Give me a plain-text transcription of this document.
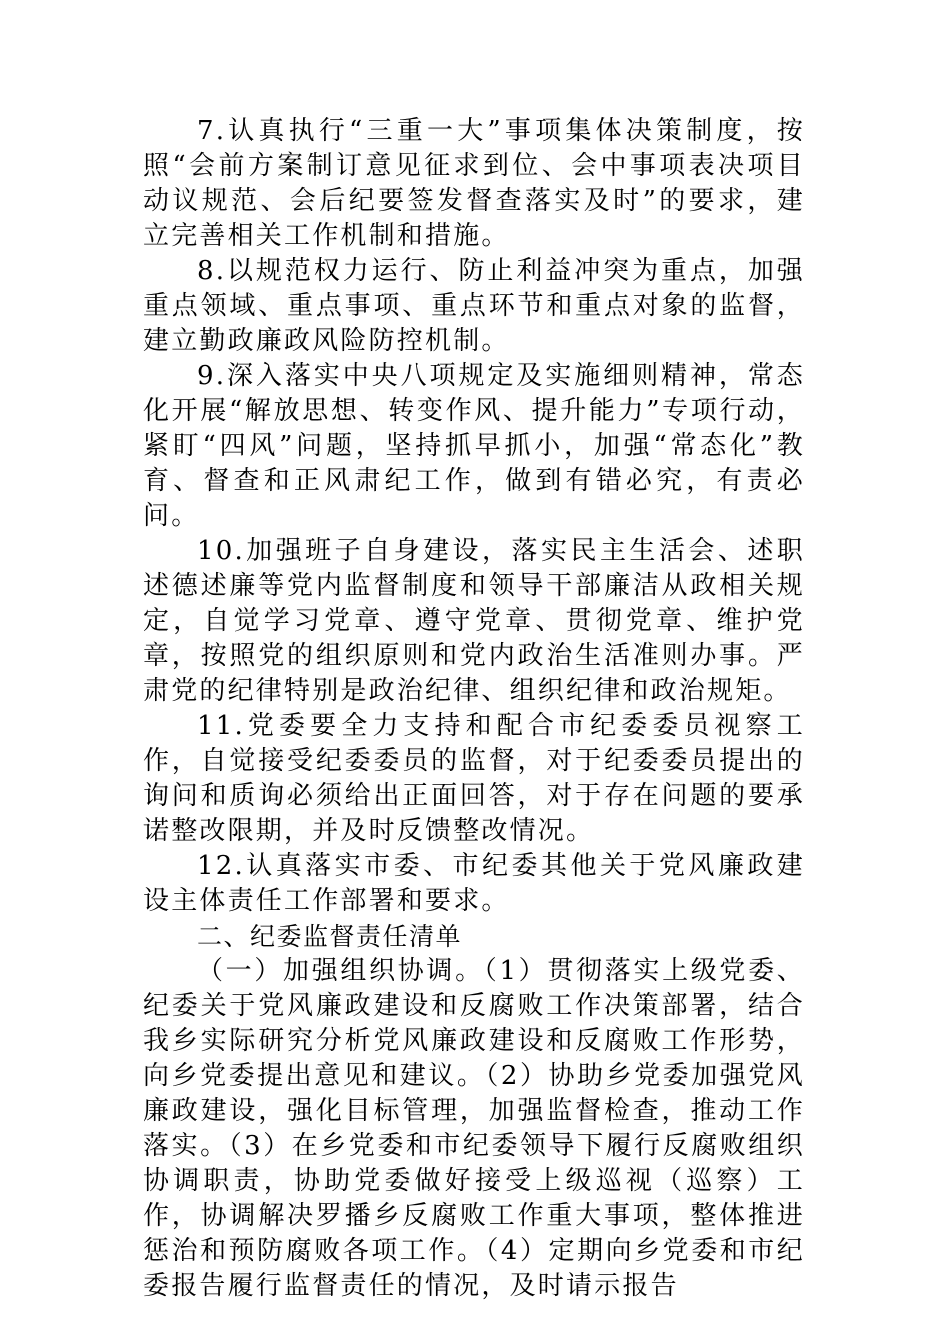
7.认真执行“三重一大”事项集体决策制度，按照“会前方案制订意见征求到位、会中事项表决项目动议规范、会后纪要签发督查落实及时”的要求，建立完善相关工作机制和措施。

8.以规范权力运行、防止利益冲突为重点，加强重点领域、重点事项、重点环节和重点对象的监督，建立勤政廉政风险防控机制。

9.深入落实中央八项规定及实施细则精神，常态化开展“解放思想、转变作风、提升能力”专项行动，紧盯“四风”问题，坚持抓早抓小，加强“常态化”教育、督查和正风肃纪工作，做到有错必究，有责必问。

10.加强班子自身建设，落实民主生活会、述职述德述廉等党内监督制度和领导干部廉洁从政相关规定，自觉学习党章、遵守党章、贯彻党章、维护党章，按照党的组织原则和党内政治生活准则办事。严肃党的纪律特别是政治纪律、组织纪律和政治规矩。

11.党委要全力支持和配合市纪委委员视察工作，自觉接受纪委委员的监督，对于纪委委员提出的询问和质询必须给出正面回答，对于存在问题的要承诺整改限期，并及时反馈整改情况。

12.认真落实市委、市纪委其他关于党风廉政建设主体责任工作部署和要求。

二、纪委监督责任清单

（一）加强组织协调。（1）贯彻落实上级党委、纪委关于党风廉政建设和反腐败工作决策部署，结合我乡实际研究分析党风廉政建设和反腐败工作形势，向乡党委提出意见和建议。（2）协助乡党委加强党风廉政建设，强化目标管理，加强监督检查，推动工作落实。（3）在乡党委和市纪委领导下履行反腐败组织协调职责，协助党委做好接受上级巡视（巡察）工作，协调解决罗播乡反腐败工作重大事项，整体推进惩治和预防腐败各项工作。（4）定期向乡党委和市纪委报告履行监督责任的情况，及时请示报告
